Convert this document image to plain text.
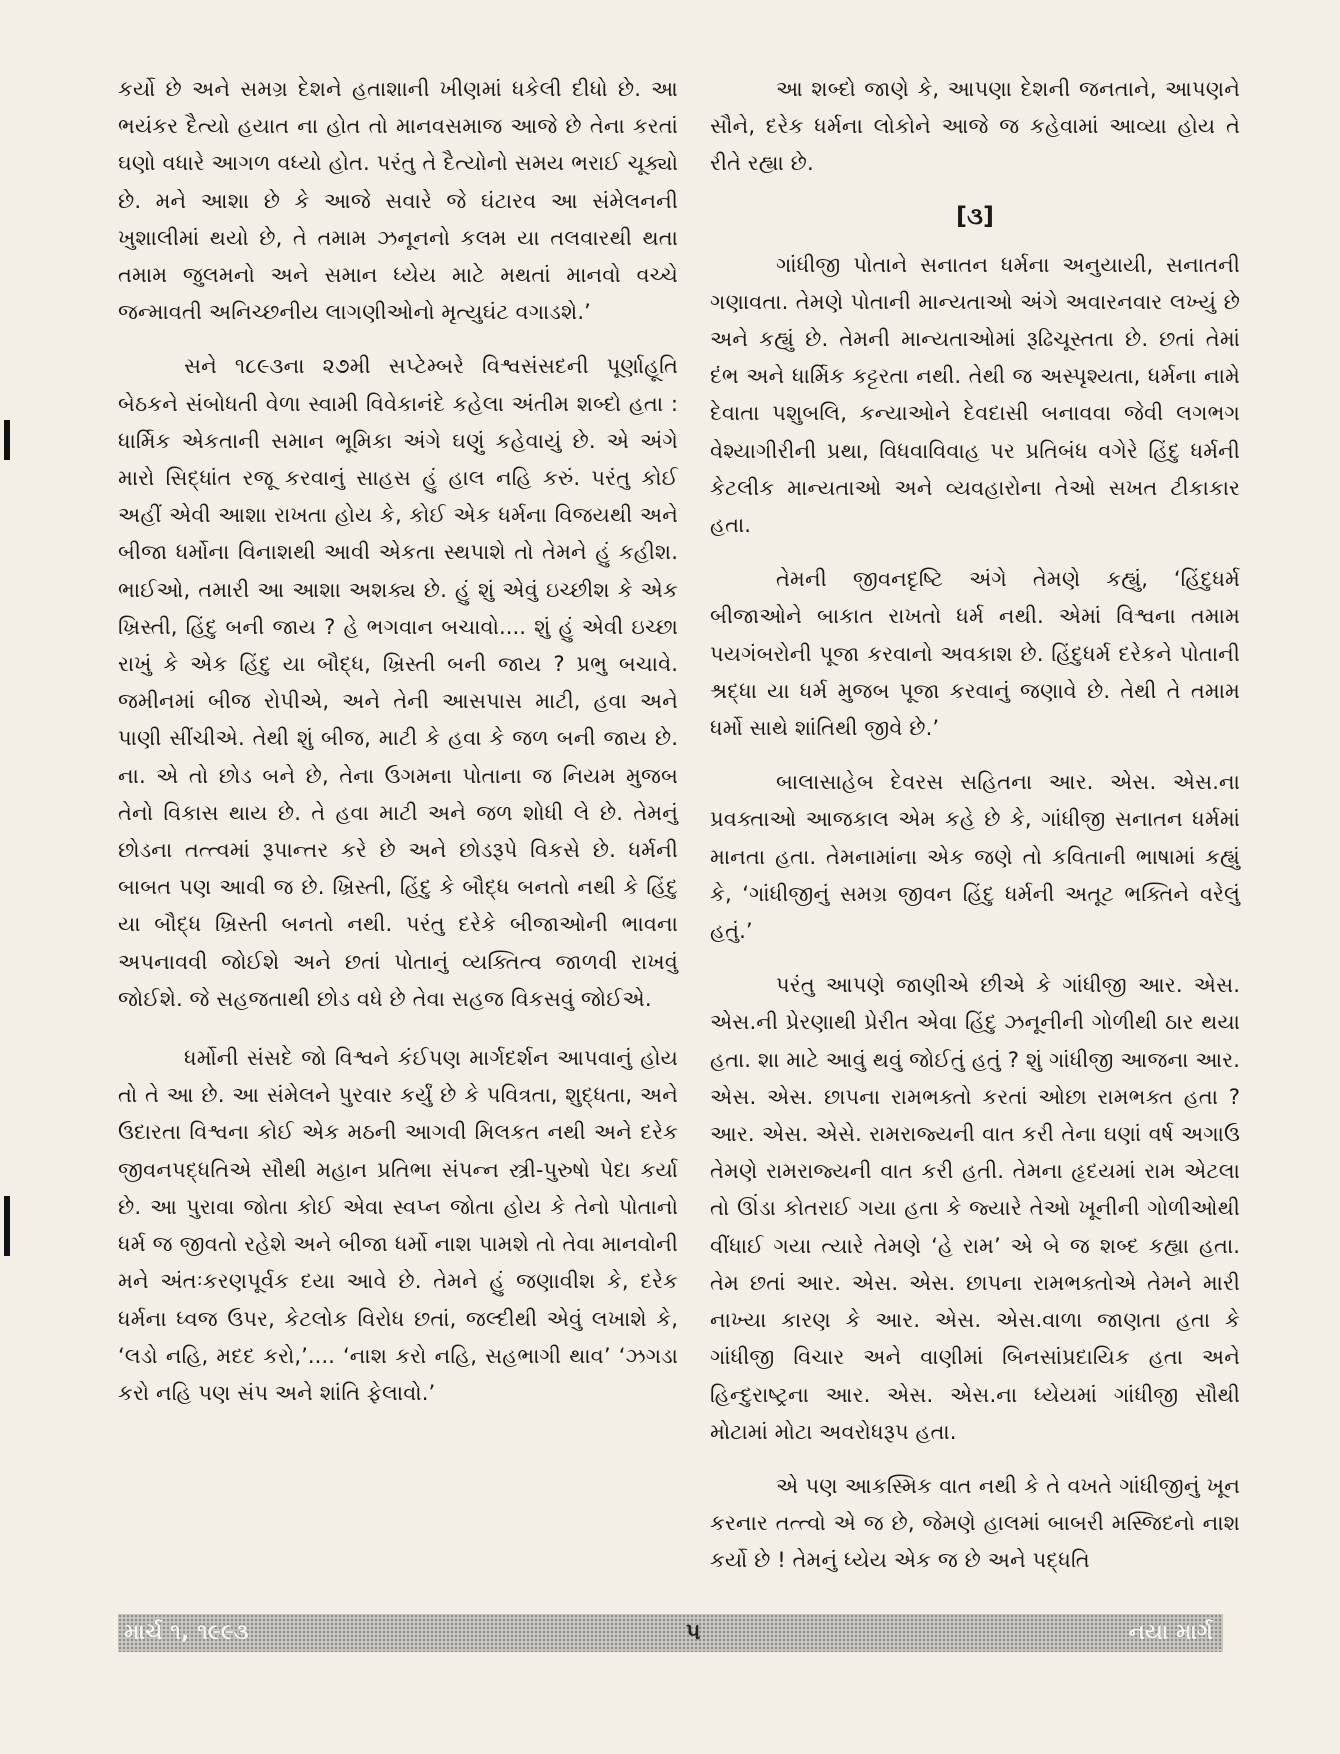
કર્યો છે અને સમગ્ર દેશને હતાશાની ખીણમાં ધકેલી દીધો છે. આ ભયંકર દૈત્યો હયાત ના હોત તો માનવસમાજ આજે છે તેના કરતાં ઘણો વધારે આગળ વધ્યો હોત. પરંતુ તે દૈત્યોનો સમય ભરાઈ ચૂક્યો છે. મને આશા છે કે આજે સવારે જે ઘંટારવ આ સંમેલનની ખુશાલીમાં થયો છે, તે તમામ ઝનૂનનો કલમ યા તલવારથી થતા તમામ જુલમનો અને સમાન ધ્યેય માટે મથતાં માનવો વચ્ચે જન્માવતી અનિચ્છનીય લાગણીઓનો મૃત્યુઘંટ વગાડશે.’

સને ૧૮૯૩ના ૨૭મી સપ્ટેમ્બરે વિશ્વસંસદની પૂર્ણાહૂતિ બેઠકને સંબોધતી વેળા સ્વામી વિવેકાનંદે કહેલા અંતીમ શબ્દો હતા : ધાર્મિક એકતાની સમાન ભૂમિકા અંગે ઘણું કહેવાયું છે. એ અંગે મારો સિદ્ધાંત રજૂ કરવાનું સાહસ હું હાલ નહિ કરું. પરંતુ કોઈ અહીં એવી આશા રાખતા હોય કે, કોઈ એક ધર્મના વિજયથી અને બીજા ધર્મોના વિનાશથી આવી એકતા સ્થપાશે તો તેમને હું કહીશ. ભાઈઓ, તમારી આ આશા અશક્ય છે. હું શું એવું ઇચ્છીશ કે એક ખ્રિસ્તી, હિંદુ બની જાય ? હે ભગવાન બચાવો.... શું હું એવી ઇચ્છા રાખું કે એક હિંદુ યા બૌદ્ધ, ખ્રિસ્તી બની જાય ? પ્રભુ બચાવે. જમીનમાં બીજ રોપીએ, અને તેની આસપાસ માટી, હવા અને પાણી સીંચીએ. તેથી શું બીજ, માટી કે હવા કે જળ બની જાય છે. ના. એ તો છોડ બને છે, તેના ઉગમના પોતાના જ નિયમ મુજબ તેનો વિકાસ થાય છે. તે હવા માટી અને જળ શોધી લે છે. તેમનું છોડના તત્ત્વમાં રૂપાન્તર કરે છે અને છોડરૂપે વિકસે છે. ધર્મની બાબત પણ આવી જ છે. ખ્રિસ્તી, હિંદુ કે બૌદ્ધ બનતો નથી કે હિંદુ યા બૌદ્ધ ખ્રિસ્તી બનતો નથી. પરંતુ દરેકે બીજાઓની ભાવના અપનાવવી જોઈશે અને છતાં પોતાનું વ્યક્તિત્વ જાળવી રાખવું જોઈશે. જે સહજતાથી છોડ વધે છે તેવા સહજ વિકસવું જોઈએ.

ધર્મોની સંસદે જો વિશ્વને કંઈપણ માર્ગદર્શન આપવાનું હોય તો તે આ છે. આ સંમેલને પુરવાર કર્યું છે કે પવિત્રતા, શુદ્ધતા, અને ઉદારતા વિશ્વના કોઈ એક મઠની આગવી મિલકત નથી અને દરેક જીવનપદ્ધતિએ સૌથી મહાન પ્રતિભા સંપન્ન સ્ત્રી-પુરુષો પેદા કર્યા છે. આ પુરાવા જોતા કોઈ એવા સ્વપ્ન જોતા હોય કે તેનો પોતાનો ધર્મ જ જીવતો રહેશે અને બીજા ધર્મો નાશ પામશે તો તેવા માનવોની મને અંતઃકરણપૂર્વક દયા આવે છે. તેમને હું જણાવીશ કે, દરેક ધર્મના ધ્વજ ઉપર, કેટલોક વિરોધ છતાં, જલ્દીથી એવું લખાશે કે, ‘લડો નહિ, મદદ કરો,’.... ‘નાશ કરો નહિ, સહભાગી થાવ’ ‘ઝગડા કરો નહિ પણ સંપ અને શાંતિ ફેલાવો.’

આ શબ્દો જાણે કે, આપણા દેશની જનતાને, આપણને સૌને, દરેક ધર્મના લોકોને આજે જ કહેવામાં આવ્યા હોય તે રીતે રહ્યા છે.

[૩]

ગાંધીજી પોતાને સનાતન ધર્મના અનુયાયી, સનાતની ગણાવતા. તેમણે પોતાની માન્યતાઓ અંગે અવારનવાર લખ્યું છે અને કહ્યું છે. તેમની માન્યતાઓમાં રૂઢિચૂસ્તતા છે. છતાં તેમાં દંભ અને ધાર્મિક કટ્ટરતા નથી. તેથી જ અસ્પૃશ્યતા, ધર્મના નામે દેવાતા પશુબલિ, કન્યાઓને દેવદાસી બનાવવા જેવી લગભગ વેશ્યાગીરીની પ્રથા, વિધવાવિવાહ પર પ્રતિબંધ વગેરે હિંદુ ધર્મની કેટલીક માન્યતાઓ અને વ્યવહારોના તેઓ સખત ટીકાકાર હતા.

તેમની જીવનદૃષ્ટિ અંગે તેમણે કહ્યું, ‘હિંદુધર્મ બીજાઓને બાકાત રાખતો ધર્મ નથી. એમાં વિશ્વના તમામ પયગંબરોની પૂજા કરવાનો અવકાશ છે. હિંદુધર્મ દરેકને પોતાની શ્રદ્ધા યા ધર્મ મુજબ પૂજા કરવાનું જણાવે છે. તેથી તે તમામ ધર્મો સાથે શાંતિથી જીવે છે.’

બાલાસાહેબ દેવરસ સહિતના આર. એસ. એસ.ના પ્રવક્તાઓ આજકાલ એમ કહે છે કે, ગાંધીજી સનાતન ધર્મમાં માનતા હતા. તેમનામાંના એક જણે તો કવિતાની ભાષામાં કહ્યું કે, ‘ગાંધીજીનું સમગ્ર જીવન હિંદુ ધર્મની અતૂટ ભક્તિને વરેલું હતું.’

પરંતુ આપણે જાણીએ છીએ કે ગાંધીજી આર. એસ. એસ.ની પ્રેરણાથી પ્રેરીત એવા હિંદુ ઝનૂનીની ગોળીથી ઠાર થયા હતા. શા માટે આવું થવું જોઈતું હતું ? શું ગાંધીજી આજના આર. એસ. એસ. છાપના રામભક્તો કરતાં ઓછા રામભક્ત હતા ? આર. એસ. એસે. રામરાજ્યની વાત કરી તેના ઘણાં વર્ષ અગાઉ તેમણે રામરાજ્યની વાત કરી હતી. તેમના હૃદયમાં રામ એટલા તો ઊંડા કોતરાઈ ગયા હતા કે જ્યારે તેઓ ખૂનીની ગોળીઓથી વીંધાઈ ગયા ત્યારે તેમણે ‘હે રામ’ એ બે જ શબ્દ કહ્યા હતા. તેમ છતાં આર. એસ. એસ. છાપના રામભક્તોએ તેમને મારી નાખ્યા કારણ કે આર. એસ. એસ.વાળા જાણતા હતા કે ગાંધીજી વિચાર અને વાણીમાં બિનસાંપ્રદાયિક હતા અને હિન્દુરાષ્ટ્રના આર. એસ. એસ.ના ધ્યેયમાં ગાંધીજી સૌથી મોટામાં મોટા અવરોધરૂપ હતા.

એ પણ આકસ્મિક વાત નથી કે તે વખતે ગાંધીજીનું ખૂન કરનાર તત્ત્વો એ જ છે, જેમણે હાલમાં બાબરી મસ્જિદનો નાશ કર્યો છે ! તેમનું ધ્યેય એક જ છે અને પદ્ધતિ

માર્ચ ૧, ૧૯૯૩	૫	નયા માર્ગ
